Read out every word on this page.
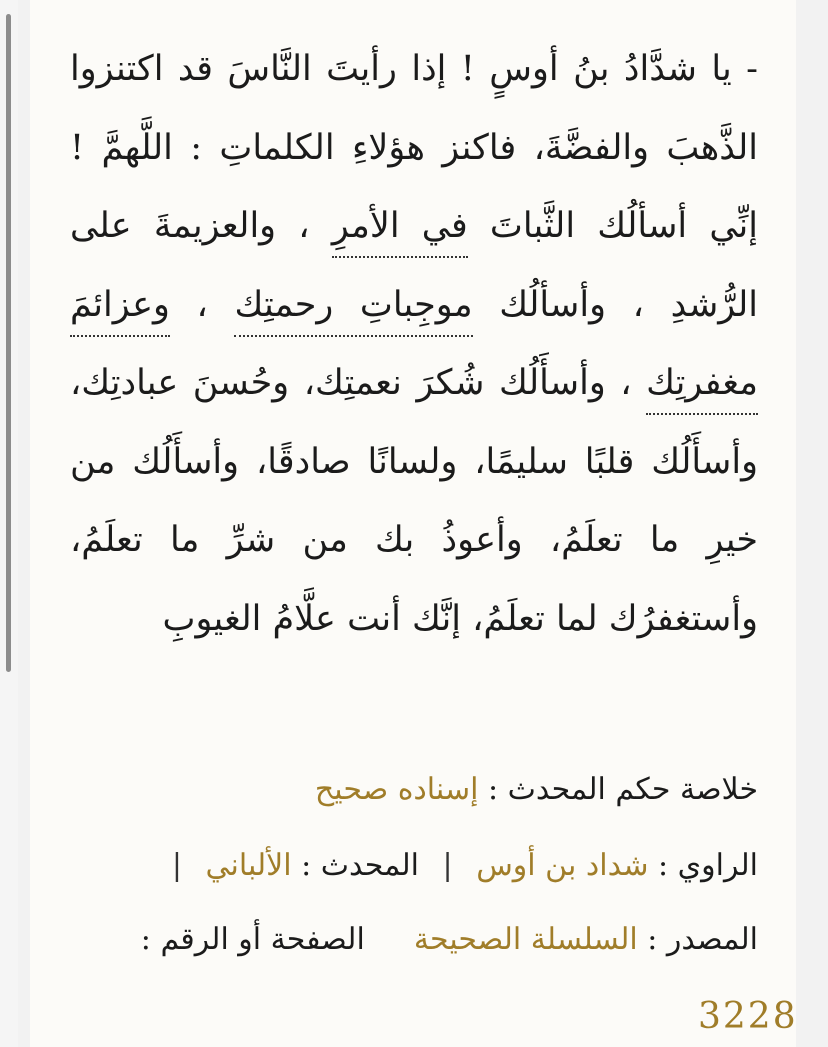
- يا شدَّادُ بنُ أوسٍ ! إذا رأيتَ النَّاسَ قد اكتنزوا الذَّهبَ والفضَّةَ، فاكنز هؤلاءِ الكلماتِ : اللَّهمَّ ! إنِّي أسألُك الثَّباتَ في الأمرِ ، والعزيمةَ على الرُّشدِ ، وأسألُك موجِباتِ رحمتِك ، وعزائمَ مغفرتِك ، وأسأَلُك شُكرَ نعمتِك، وحُسنَ عبادتِك، وأسأَلُك قلبًا سليمًا، ولسانًا صادقًا، وأسأَلُك من خيرِ ما تعلَمُ، وأعوذُ بك من شرِّ ما تعلَمُ، وأستغفرُك لما تعلَمُ، إنَّك أنت علَّامُ الغيوبِ

خلاصة حكم المحدث : إسناده صحيح
الراوي : شداد بن أوس | المحدث : الألباني |
المصدر : السلسلة الصحيحة  الصفحة أو الرقم :
3228
